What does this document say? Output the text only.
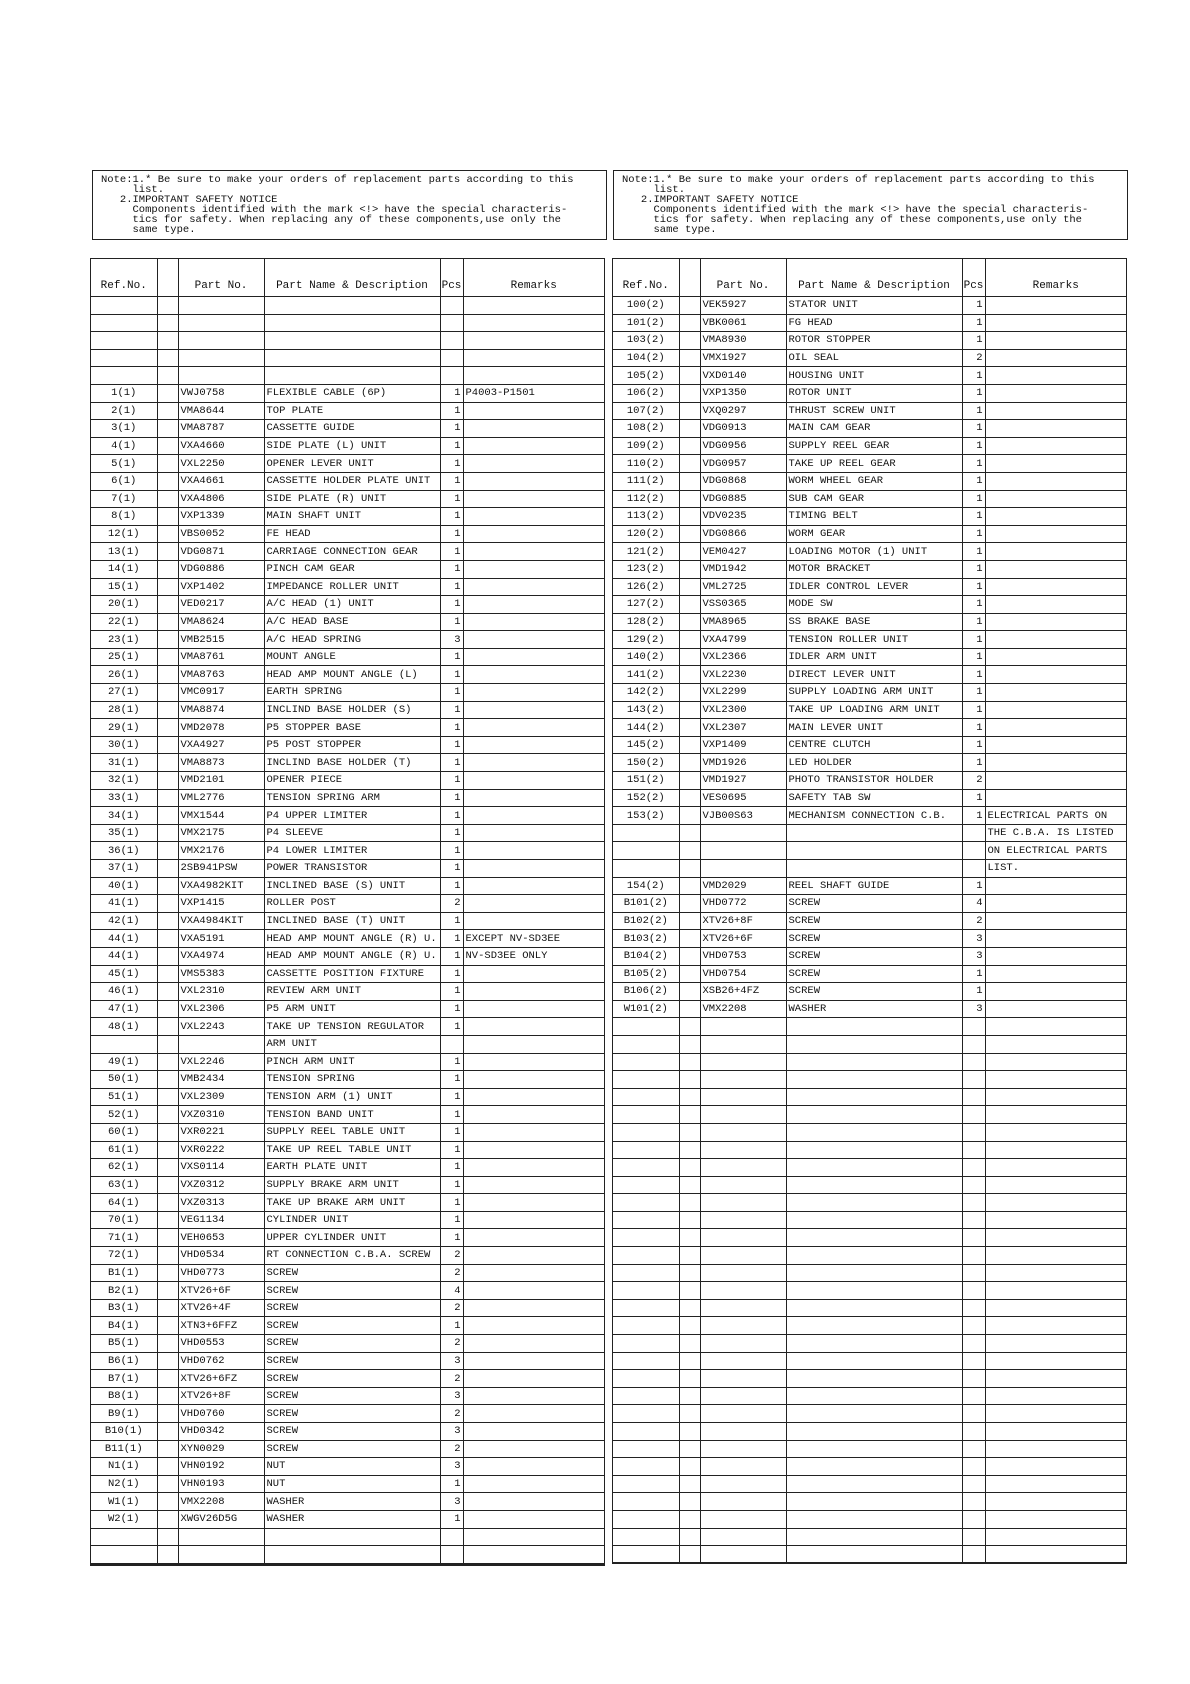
Note:1.* Be sure to make your orders of replacement parts according to this
list.
2.IMPORTANT SAFETY NOTICE
Components identified with the mark <!> have the special characteris-
tics for safety. When replacing any of these components,use only the
same type.
Note:1.* Be sure to make your orders of replacement parts according to this
list.
2.IMPORTANT SAFETY NOTICE
Components identified with the mark <!> have the special characteris-
tics for safety. When replacing any of these components,use only the
same type.
Ref.No.		Part No.	Part Name & Description	Pcs	Remarks

1(1)		VWJ0758	FLEXIBLE CABLE (6P)	1	P4003-P1501
2(1)		VMA8644	TOP PLATE	1	
3(1)		VMA8787	CASSETTE GUIDE	1	
4(1)		VXA4660	SIDE PLATE (L) UNIT	1	
5(1)		VXL2250	OPENER LEVER UNIT	1	
6(1)		VXA4661	CASSETTE HOLDER PLATE UNIT	1	
7(1)		VXA4806	SIDE PLATE (R) UNIT	1	
8(1)		VXP1339	MAIN SHAFT UNIT	1	
12(1)		VBS0052	FE HEAD	1	
13(1)		VDG0871	CARRIAGE CONNECTION GEAR	1	
14(1)		VDG0886	PINCH CAM GEAR	1	
15(1)		VXP1402	IMPEDANCE ROLLER UNIT	1	
20(1)		VED0217	A/C HEAD (1) UNIT	1	
22(1)		VMA8624	A/C HEAD BASE	1	
23(1)		VMB2515	A/C HEAD SPRING	3	
25(1)		VMA8761	MOUNT ANGLE	1	
26(1)		VMA8763	HEAD AMP MOUNT ANGLE (L)	1	
27(1)		VMC0917	EARTH SPRING	1	
28(1)		VMA8874	INCLIND BASE HOLDER (S)	1	
29(1)		VMD2078	P5 STOPPER BASE	1	
30(1)		VXA4927	P5 POST STOPPER	1	
31(1)		VMA8873	INCLIND BASE HOLDER (T)	1	
32(1)		VMD2101	OPENER PIECE	1	
33(1)		VML2776	TENSION SPRING ARM	1	
34(1)		VMX1544	P4 UPPER LIMITER	1	
35(1)		VMX2175	P4 SLEEVE	1	
36(1)		VMX2176	P4 LOWER LIMITER	1	
37(1)		2SB941PSW	POWER TRANSISTOR	1	
40(1)		VXA4982KIT	INCLINED BASE (S) UNIT	1	
41(1)		VXP1415	ROLLER POST	2	
42(1)		VXA4984KIT	INCLINED BASE (T) UNIT	1	
44(1)		VXA5191	HEAD AMP MOUNT ANGLE (R) U.	1	EXCEPT NV-SD3EE
44(1)		VXA4974	HEAD AMP MOUNT ANGLE (R) U.	1	NV-SD3EE ONLY
45(1)		VMS5383	CASSETTE POSITION FIXTURE	1	
46(1)		VXL2310	REVIEW ARM UNIT	1	
47(1)		VXL2306	P5 ARM UNIT	1	
48(1)		VXL2243	TAKE UP TENSION REGULATOR	1	
			ARM UNIT		
49(1)		VXL2246	PINCH ARM UNIT	1	
50(1)		VMB2434	TENSION SPRING	1	
51(1)		VXL2309	TENSION ARM (1) UNIT	1	
52(1)		VXZ0310	TENSION BAND UNIT	1	
60(1)		VXR0221	SUPPLY REEL TABLE UNIT	1	
61(1)		VXR0222	TAKE UP REEL TABLE UNIT	1	
62(1)		VXS0114	EARTH PLATE UNIT	1	
63(1)		VXZ0312	SUPPLY BRAKE ARM UNIT	1	
64(1)		VXZ0313	TAKE UP BRAKE ARM UNIT	1	
70(1)		VEG1134	CYLINDER UNIT	1	
71(1)		VEH0653	UPPER CYLINDER UNIT	1	
72(1)		VHD0534	RT CONNECTION C.B.A. SCREW	2	
B1(1)		VHD0773	SCREW	2	
B2(1)		XTV26+6F	SCREW	4	
B3(1)		XTV26+4F	SCREW	2	
B4(1)		XTN3+6FFZ	SCREW	1	
B5(1)		VHD0553	SCREW	2	
B6(1)		VHD0762	SCREW	3	
B7(1)		XTV26+6FZ	SCREW	2	
B8(1)		XTV26+8F	SCREW	3	
B9(1)		VHD0760	SCREW	2	
B10(1)		VHD0342	SCREW	3	
B11(1)		XYN0029	SCREW	2	
N1(1)		VHN0192	NUT	3	
N2(1)		VHN0193	NUT	1	
W1(1)		VMX2208	WASHER	3	
W2(1)		XWGV26D5G	WASHER	1	

Ref.No.		Part No.	Part Name & Description	Pcs	Remarks
100(2)		VEK5927	STATOR UNIT	1	
101(2)		VBK0061	FG HEAD	1	
103(2)		VMA8930	ROTOR STOPPER	1	
104(2)		VMX1927	OIL SEAL	2	
105(2)		VXD0140	HOUSING UNIT	1	
106(2)		VXP1350	ROTOR UNIT	1	
107(2)		VXQ0297	THRUST SCREW UNIT	1	
108(2)		VDG0913	MAIN CAM GEAR	1	
109(2)		VDG0956	SUPPLY REEL GEAR	1	
110(2)		VDG0957	TAKE UP REEL GEAR	1	
111(2)		VDG0868	WORM WHEEL GEAR	1	
112(2)		VDG0885	SUB CAM GEAR	1	
113(2)		VDV0235	TIMING BELT	1	
120(2)		VDG0866	WORM GEAR	1	
121(2)		VEM0427	LOADING MOTOR (1) UNIT	1	
123(2)		VMD1942	MOTOR BRACKET	1	
126(2)		VML2725	IDLER CONTROL LEVER	1	
127(2)		VSS0365	MODE SW	1	
128(2)		VMA8965	SS BRAKE BASE	1	
129(2)		VXA4799	TENSION ROLLER UNIT	1	
140(2)		VXL2366	IDLER ARM UNIT	1	
141(2)		VXL2230	DIRECT LEVER UNIT	1	
142(2)		VXL2299	SUPPLY LOADING ARM UNIT	1	
143(2)		VXL2300	TAKE UP LOADING ARM UNIT	1	
144(2)		VXL2307	MAIN LEVER UNIT	1	
145(2)		VXP1409	CENTRE CLUTCH	1	
150(2)		VMD1926	LED HOLDER	1	
151(2)		VMD1927	PHOTO TRANSISTOR HOLDER	2	
152(2)		VES0695	SAFETY TAB SW	1	
153(2)		VJB00S63	MECHANISM CONNECTION C.B.	1	ELECTRICAL PARTS ON
					THE C.B.A. IS LISTED
					ON ELECTRICAL PARTS
					LIST.
154(2)		VMD2029	REEL SHAFT GUIDE	1	
B101(2)		VHD0772	SCREW	4	
B102(2)		XTV26+8F	SCREW	2	
B103(2)		XTV26+6F	SCREW	3	
B104(2)		VHD0753	SCREW	3	
B105(2)		VHD0754	SCREW	1	
B106(2)		XSB26+4FZ	SCREW	1	
W101(2)		VMX2208	WASHER	3	
